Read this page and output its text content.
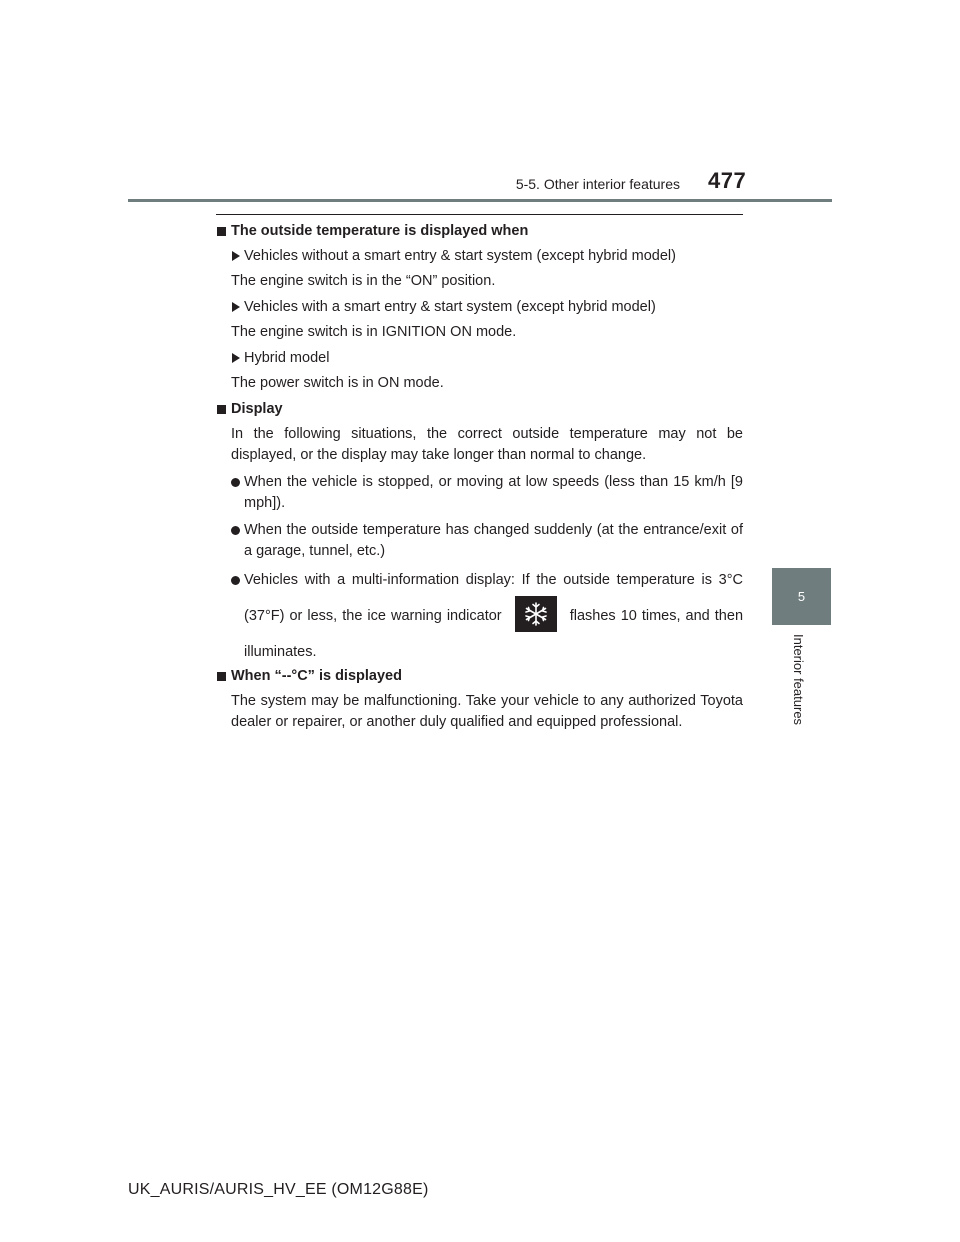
5-5. Other interior features 477
5
Interior features
The outside temperature is displayed when
Vehicles without a smart entry & start system (except hybrid model)
The engine switch is in the “ON” position.
Vehicles with a smart entry & start system (except hybrid model)
The engine switch is in IGNITION ON mode.
Hybrid model
The power switch is in ON mode.
Display
In the following situations, the correct outside temperature may not be displayed, or the display may take longer than normal to change.
When the vehicle is stopped, or moving at low speeds (less than 15 km/h [9 mph]).
When the outside temperature has changed suddenly (at the entrance/exit of a garage, tunnel, etc.)
Vehicles with a multi-information display: If the outside temperature is 3°C (37°F) or less, the ice warning indicator	flashes 10 times, and then illuminates.
When “--°C” is displayed
The system may be malfunctioning. Take your vehicle to any authorized Toyota dealer or repairer, or another duly qualified and equipped professional.
UK_AURIS/AURIS_HV_EE (OM12G88E)
